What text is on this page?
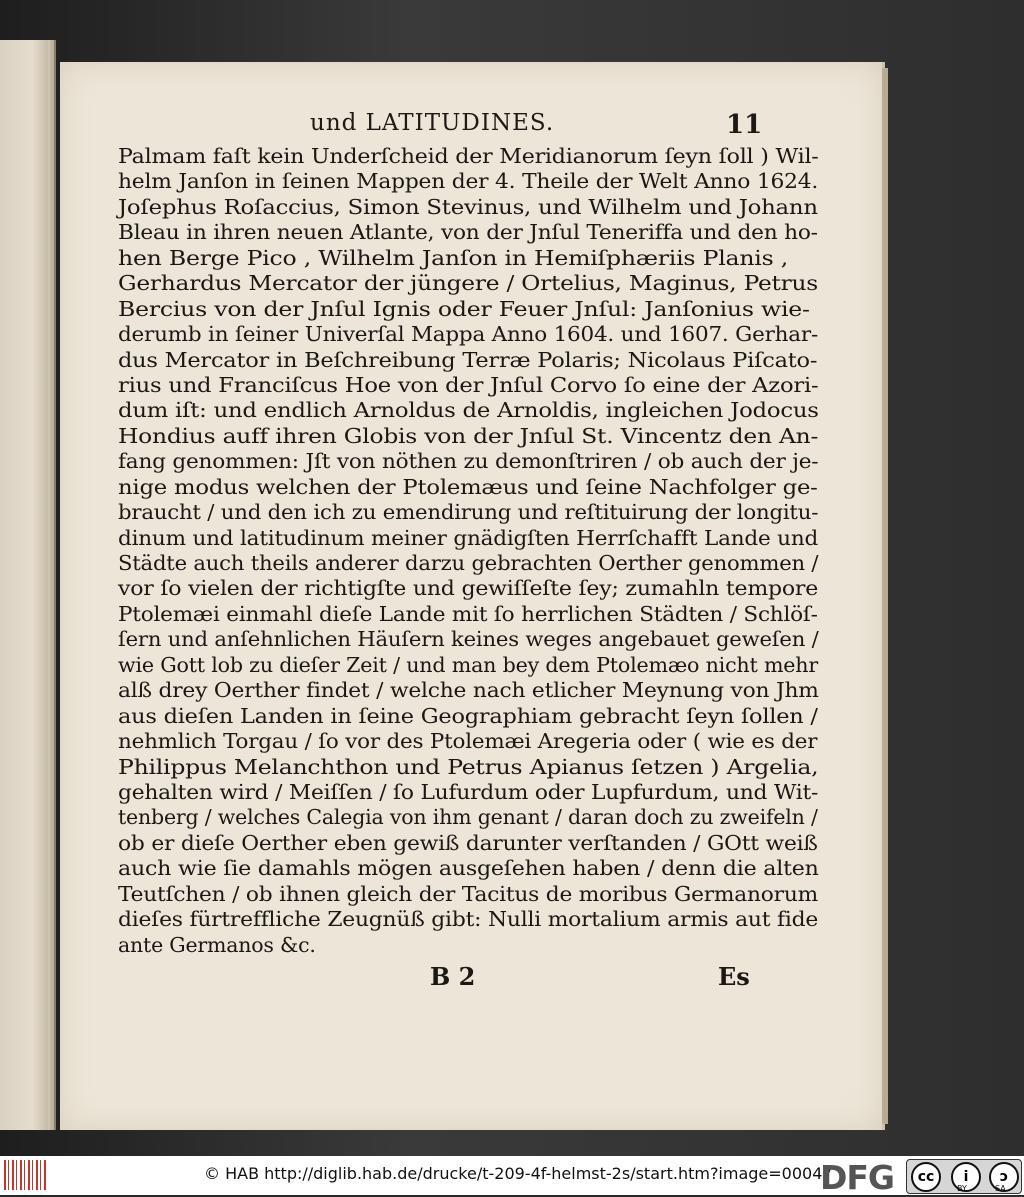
und LATITUDINES.	11
Palmam faſt kein Underſcheid der Meridianorum ſeyn ſoll ) Wil-
helm Janſon in ſeinen Mappen der 4. Theile der Welt Anno 1624.
Joſephus Roſaccius, Simon Stevinus, und Wilhelm und Johann
Bleau in ihren neuen Atlante, von der Jnſul Teneriffa und den ho-
hen Berge Pico , Wilhelm Janſon in Hemiſphæriis Planis ,
Gerhardus Mercator der jüngere / Ortelius, Maginus, Petrus
Bercius von der Jnſul Ignis oder Feuer Jnſul: Janſonius wie-
derumb in ſeiner Univerſal Mappa Anno 1604. und 1607. Gerhar-
dus Mercator in Beſchreibung Terræ Polaris; Nicolaus Piſcato-
rius und Franciſcus Hoe von der Jnſul Corvo ſo eine der Azori-
dum iſt: und endlich Arnoldus de Arnoldis, ingleichen Jodocus
Hondius auff ihren Globis von der Jnſul St. Vincentz den An-
fang genommen: Jſt von nöthen zu demonſtriren / ob auch der je-
nige modus welchen der Ptolemæus und ſeine Nachfolger ge-
braucht / und den ich zu emendirung und reſtituirung der longitu-
dinum und latitudinum meiner gnädigſten Herrſchafft Lande und
Städte auch theils anderer darzu gebrachten Oerther genommen /
vor ſo vielen der richtigſte und gewiſſeſte ſey; zumahln tempore
Ptolemæi einmahl dieſe Lande mit ſo herrlichen Städten / Schlöſ-
ſern und anſehnlichen Häuſern keines weges angebauet geweſen /
wie Gott lob zu dieſer Zeit / und man bey dem Ptolemæo nicht mehr
alß drey Oerther findet / welche nach etlicher Meynung von Jhm
aus dieſen Landen in ſeine Geographiam gebracht ſeyn ſollen /
nehmlich Torgau / ſo vor des Ptolemæi Aregeria oder ( wie es der
Philippus Melanchthon und Petrus Apianus ſetzen ) Argelia,
gehalten wird / Meiſſen / ſo Lufurdum oder Lupfurdum, und Wit-
tenberg / welches Calegia von ihm genant / daran doch zu zweifeln /
ob er dieſe Oerther eben gewiß darunter verſtanden / GOtt weiß
auch wie ſie damahls mögen ausgeſehen haben / denn die alten
Teutſchen / ob ihnen gleich der Tacitus de moribus Germanorum
dieſes fürtreffliche Zeugnüß gibt: Nulli mortalium armis aut fide
ante Germanos &c.
B 2	Es
© HAB http://diglib.hab.de/drucke/t-209-4f-helmst-2s/start.htm?image=00047
DFG	cc	i	ↄ
BY	SA
